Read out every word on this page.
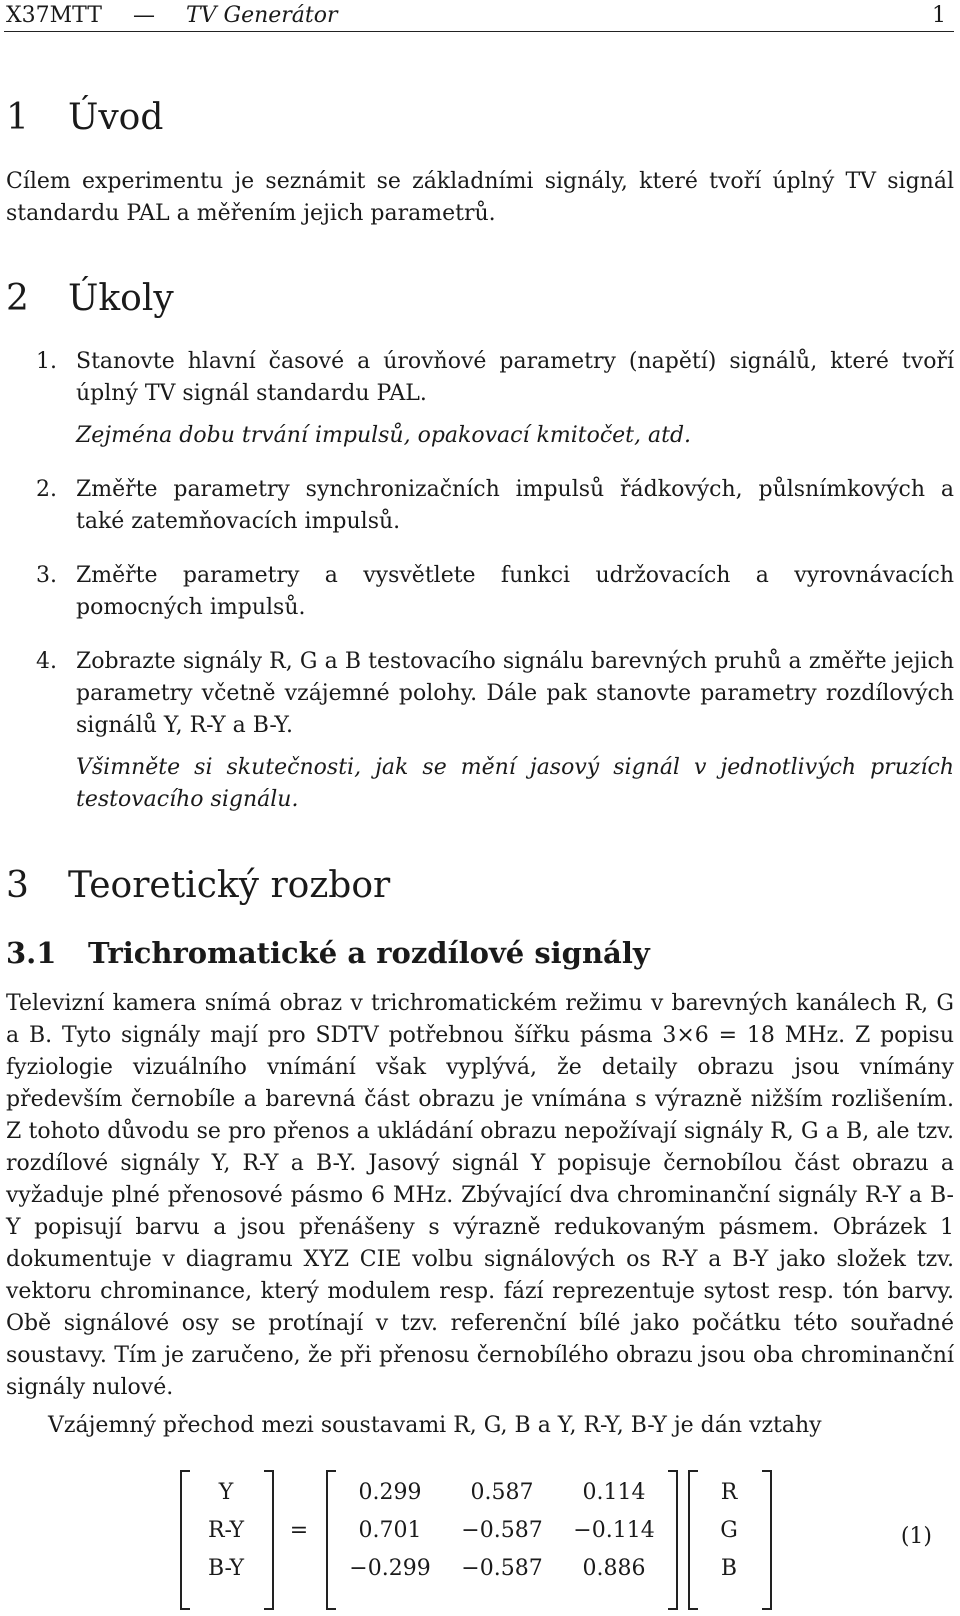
X37MTT — TV Generátor	1
1 Úvod

Cílem experimentu je seznámit se základními signály, které tvoří úplný TV signál standardu PAL a měřením jejich parametrů.

2 Úkoly
1. Stanovte hlavní časové a úrovňové parametry (napětí) signálů, které tvoří úplný TV signál standardu PAL.
Zejména dobu trvání impulsů, opakovací kmitočet, atd.
2. Změřte parametry synchronizačních impulsů řádkových, půlsnímkových a také zatemňovacích impulsů.
3. Změřte parametry a vysvětlete funkci udržovacích a vyrovnávacích pomocných impulsů.
4. Zobrazte signály R, G a B testovacího signálu barevných pruhů a změřte jejich parametry včetně vzájemné polohy. Dále pak stanovte parametry rozdílových signálů Y, R-Y a B-Y.
Všimněte si skutečnosti, jak se mění jasový signál v jednotlivých pruzích testovacího signálu.
3 Teoretický rozbor
3.1 Trichromatické a rozdílové signály

Televizní kamera snímá obraz v trichromatickém režimu v barevných kanálech R, G a B. Tyto signály mají pro SDTV potřebnou šířku pásma 3×6 = 18 MHz. Z popisu fyziologie vizuálního vnímání však vyplývá, že detaily obrazu jsou vnímány především černobíle a barevná část obrazu je vnímána s výrazně nižším rozlišením. Z tohoto důvodu se pro přenos a ukládání obrazu nepožívají signály R, G a B, ale tzv. rozdílové signály Y, R-Y a B-Y. Jasový signál Y popisuje černobílou část obrazu a vyžaduje plné přenosové pásmo 6 MHz. Zbývající dva chrominanční signály R-Y a B-Y popisují barvu a jsou přenášeny s výrazně redukovaným pásmem. Obrázek 1 dokumentuje v diagramu XYZ CIE volbu signálových os R-Y a B-Y jako složek tzv. vektoru chrominance, který modulem resp. fází reprezentuje sytost resp. tón barvy. Obě signálové osy se protínají v tzv. referenční bílé jako počátku této souřadné soustavy. Tím je zaručeno, že při přenosu černobílého obrazu jsou oba chrominanční signály nulové.

Vzájemný přechod mezi soustavami R, G, B a Y, R-Y, B-Y je dán vztahy

Y
R-Y
B-Y
=
0.299	0.587	0.114
0.701	−0.587	−0.114
−0.299	−0.587	0.886
R
G
B
(1)
